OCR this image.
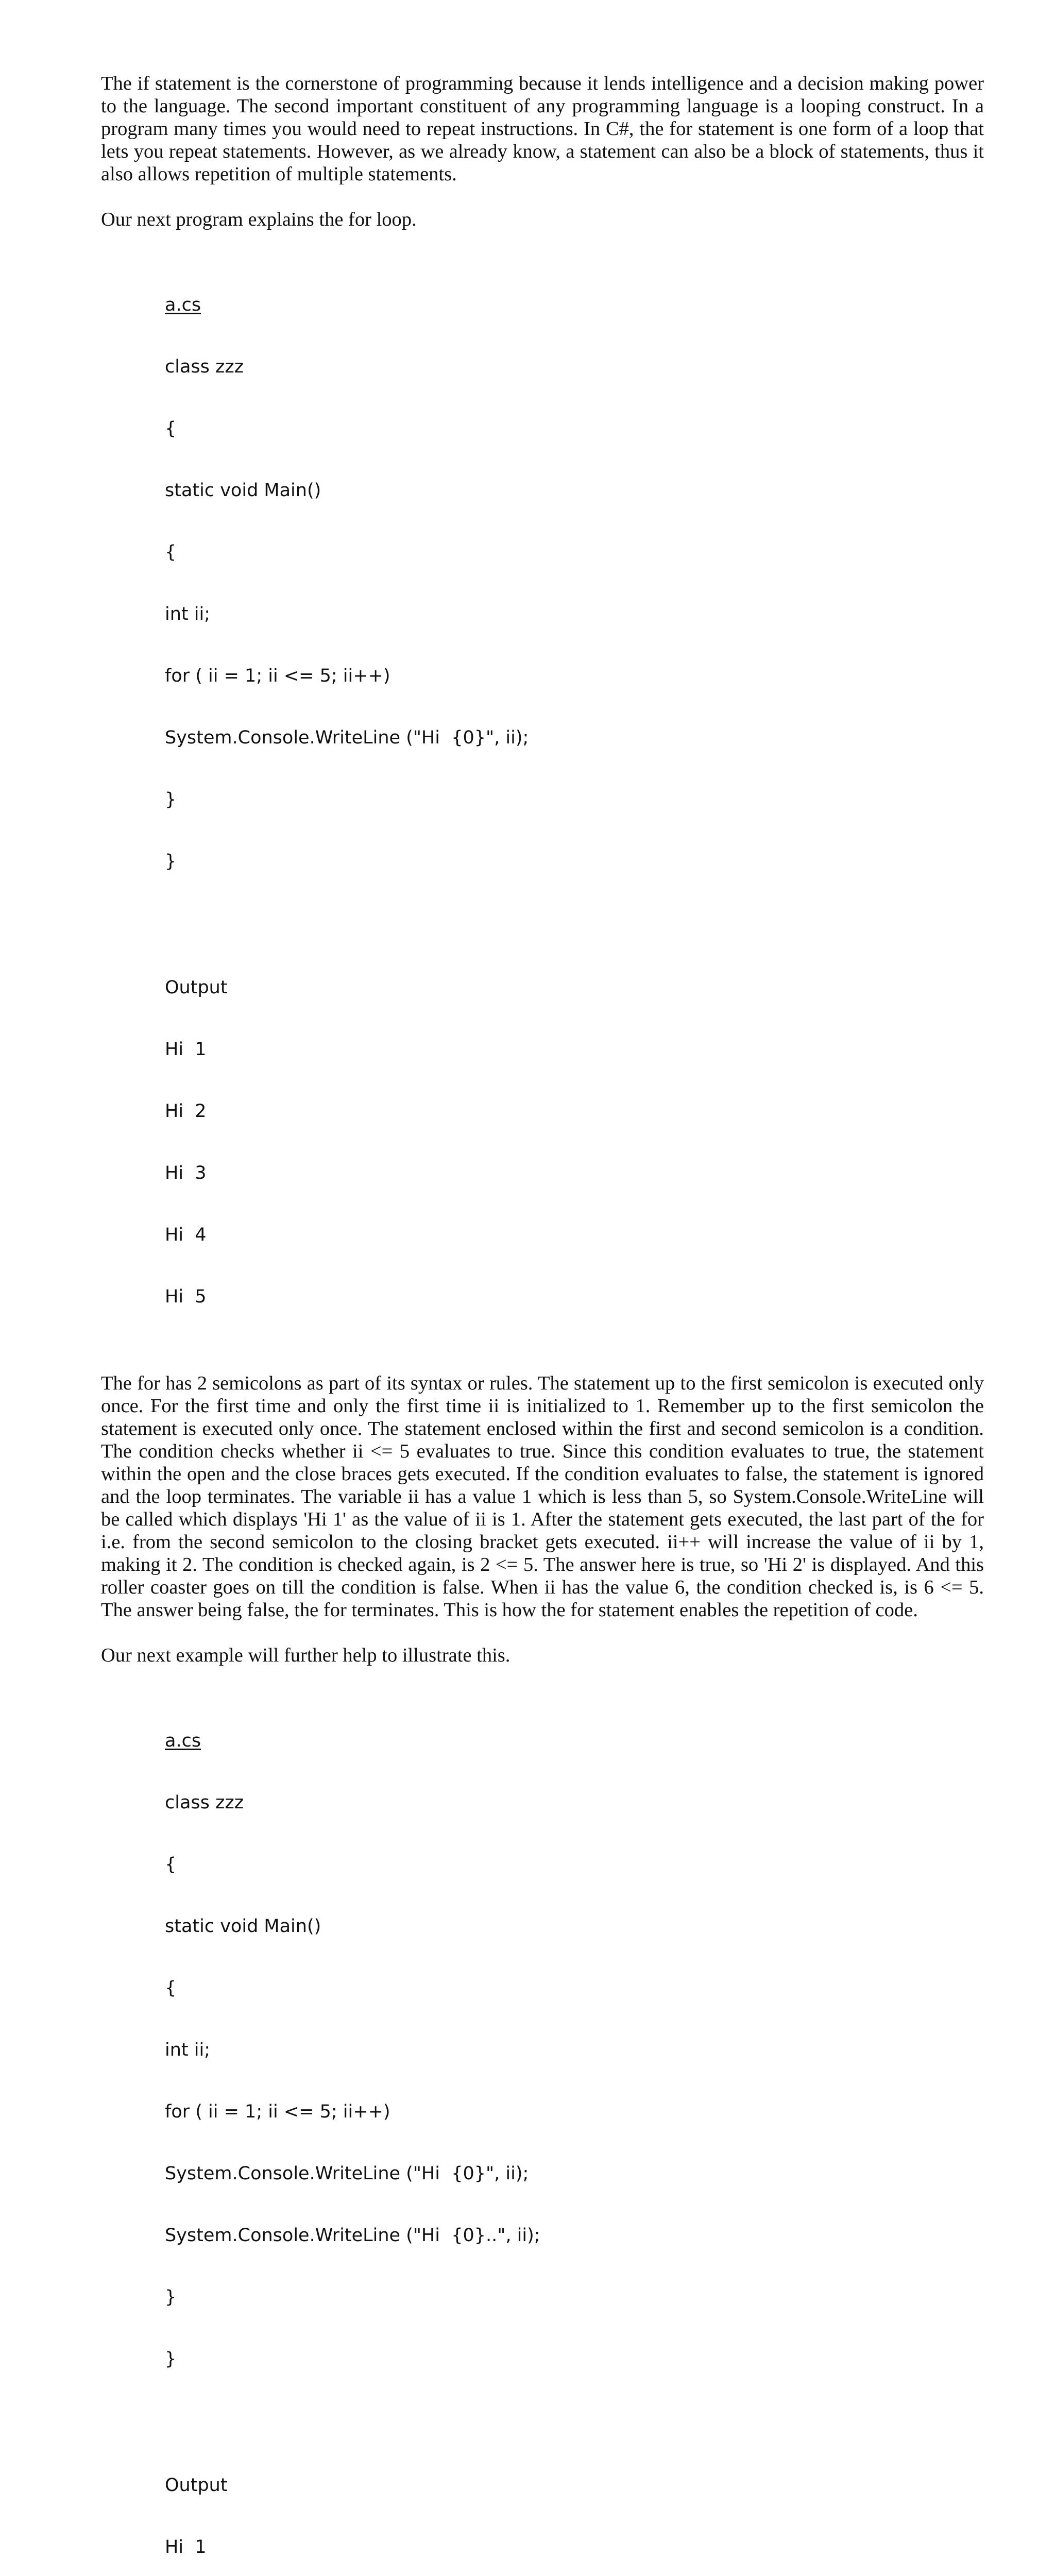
The if statement is the cornerstone of programming because it lends intelligence and a decision making power to the language. The second important constituent of any programming language is a looping construct. In a program many times you would need to repeat instructions. In C#, the for statement is one form of a loop that lets you repeat statements. However, as we already know, a statement can also be a block of statements, thus it also allows repetition of multiple statements.

Our next program explains the for loop.

a.cs

class zzz

{

static void Main()

{

int ii;

for ( ii = 1; ii <= 5; ii++)

System.Console.WriteLine ("Hi  {0}", ii);

}

}

Output

Hi  1

Hi  2

Hi  3

Hi  4

Hi  5

The for has 2 semicolons as part of its syntax or rules. The statement up to the first semicolon is executed only once. For the first time and only the first time ii is initialized to 1. Remember up to the first semicolon the statement is executed only once. The statement enclosed within the first and second semicolon is a condition. The condition checks whether ii <= 5 evaluates to true. Since this condition evaluates to true, the statement within the open and the close braces gets executed. If the condition evaluates to false, the statement is ignored and the loop terminates. The variable ii has a value 1 which is less than 5, so System.Console.WriteLine will be called which displays 'Hi 1' as the value of ii is 1. After the statement gets executed, the last part of the for i.e. from the second semicolon to the closing bracket gets executed. ii++ will increase the value of ii by 1, making it 2. The condition is checked again, is 2 <= 5. The answer here is true, so 'Hi 2' is displayed. And this roller coaster goes on till the condition is false. When ii has the value 6, the condition checked is, is 6 <= 5. The answer being false, the for terminates. This is how the for statement enables the repetition of code.

Our next example will further help to illustrate this.

a.cs

class zzz

{

static void Main()

{

int ii;

for ( ii = 1; ii <= 5; ii++)

System.Console.WriteLine ("Hi  {0}", ii);

System.Console.WriteLine ("Hi  {0}..", ii);

}

}

Output

Hi  1
